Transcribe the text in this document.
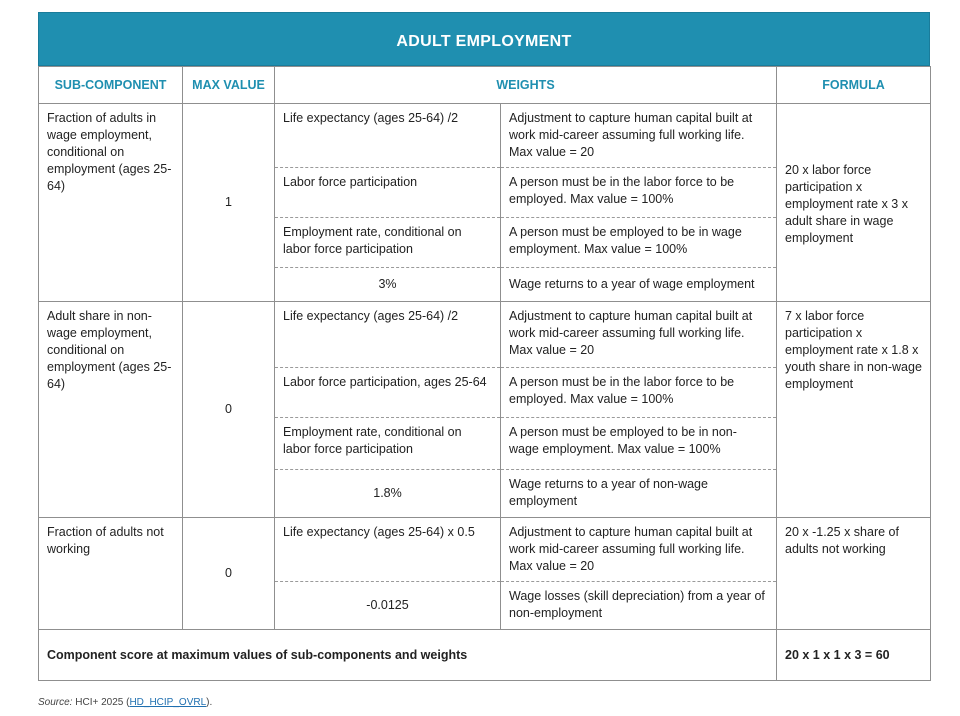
ADULT EMPLOYMENT
SUB-COMPONENT	MAX VALUE	WEIGHTS		FORMULA
Fraction of adults in wage employment, conditional on employment (ages 25-64)	1	Life expectancy (ages 25-64) /2	Adjustment to capture human capital built at work mid-career assuming full working life. Max value = 20	20 x labor force participation x employment rate x 3 x adult share in wage employment
		Labor force participation	A person must be in the labor force to be employed. Max value = 100%	
		Employment rate, conditional on labor force participation	A person must be employed to be in wage employment. Max value = 100%	
		3%	Wage returns to a year of wage employment	
Adult share in non-wage employment, conditional on employment (ages 25-64)	0	Life expectancy (ages 25-64) /2	Adjustment to capture human capital built at work mid-career assuming full working life. Max value = 20	7 x labor force participation x employment rate x 1.8 x youth share in non-wage employment
		Labor force participation, ages 25-64	A person must be in the labor force to be employed. Max value = 100%	
		Employment rate, conditional on labor force participation	A person must be employed to be in non- wage employment. Max value = 100%	
		1.8%	Wage returns to a year of non-wage employment	
Fraction of adults not working	0	Life expectancy (ages 25-64) x 0.5	Adjustment to capture human capital built at work mid-career assuming full working life. Max value = 20	20 x -1.25 x share of adults not working
		-0.0125	Wage losses (skill depreciation) from a year of non-employment	
Component score at maximum values of sub-components and weights				20 x 1 x 1 x 3 = 60
Source: HCI+ 2025 (HD_HCIP_OVRL).
